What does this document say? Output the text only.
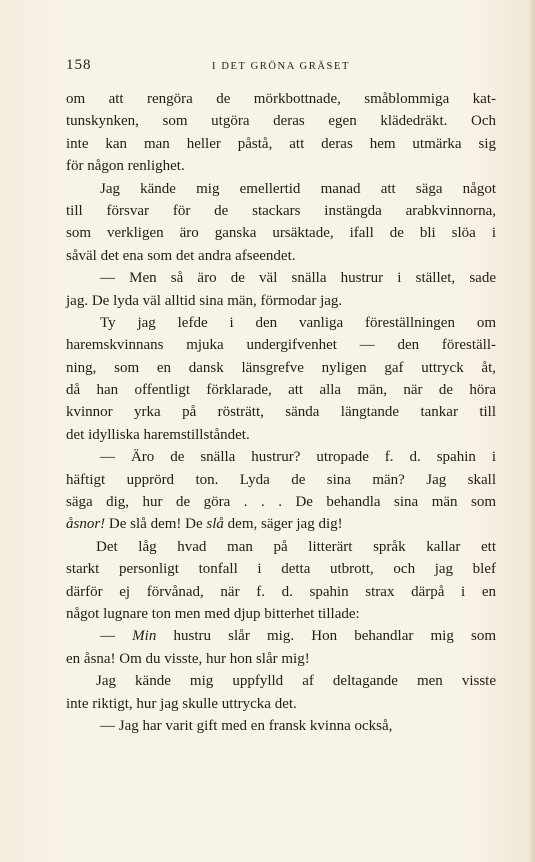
158	I DET GRÖNA GRÄSET
om att rengöra de mörkbottnade, småblommiga kat-
tunskynken, som utgöra deras egen klädedräkt. Och
inte kan man heller påstå, att deras hem utmärka sig
för någon renlighet.
Jag kände mig emellertid manad att säga något
till försvar för de stackars instängda arabkvinnorna,
som verkligen äro ganska ursäktade, ifall de bli slöa i
såväl det ena som det andra afseendet.
— Men så äro de väl snälla hustrur i stället, sade
jag. De lyda väl alltid sina män, förmodar jag.
Ty jag lefde i den vanliga föreställningen om
haremskvinnans mjuka undergifvenhet — den föreställ-
ning, som en dansk länsgrefve nyligen gaf uttryck åt,
då han offentligt förklarade, att alla män, när de höra
kvinnor yrka på rösträtt, sända längtande tankar till
det idylliska haremstillståndet.
— Äro de snälla hustrur? utropade f. d. spahin i
häftigt upprörd ton. Lyda de sina män? Jag skall
säga dig, hur de göra . . . De behandla sina män som
åsnor! De slå dem! De slå dem, säger jag dig!
Det låg hvad man på litterärt språk kallar ett
starkt personligt tonfall i detta utbrott, och jag blef
därför ej förvånad, när f. d. spahin strax därpå i en
något lugnare ton men med djup bitterhet tillade:
— Min hustru slår mig. Hon behandlar mig som
en åsna! Om du visste, hur hon slår mig!
Jag kände mig uppfylld af deltagande men visste
inte riktigt, hur jag skulle uttrycka det.
— Jag har varit gift med en fransk kvinna också,
